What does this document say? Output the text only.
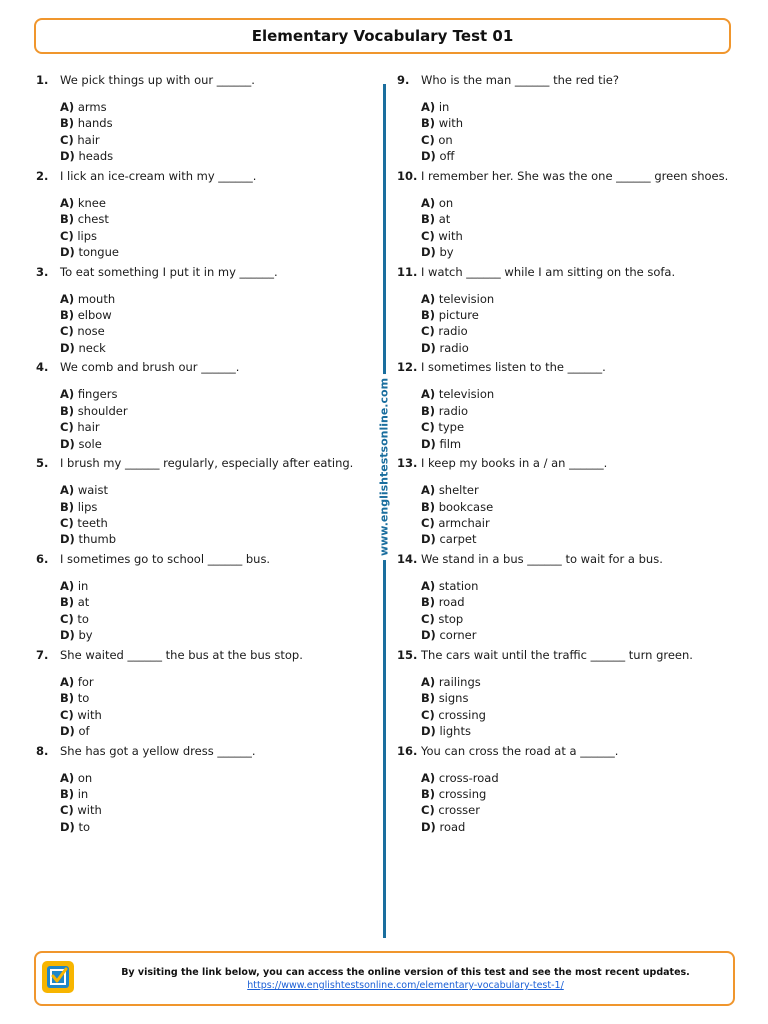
Elementary Vocabulary Test 01
1.	We pick things up with our ______.
A) arms
B) hands
C) hair
D) heads
2.	I lick an ice-cream with my ______.
A) knee
B) chest
C) lips
D) tongue
3.	To eat something I put it in my ______.
A) mouth
B) elbow
C) nose
D) neck
4.	We comb and brush our ______.
A) fingers
B) shoulder
C) hair
D) sole
5.	I brush my ______ regularly, especially after eating.
A) waist
B) lips
C) teeth
D) thumb
6.	I sometimes go to school ______ bus.
A) in
B) at
C) to
D) by
7.	She waited ______ the bus at the bus stop.
A) for
B) to
C) with
D) of
8.	She has got a yellow dress ______.
A) on
B) in
C) with
D) to
www.englishtestsonline.com
9.	Who is the man ______ the red tie?
A) in
B) with
C) on
D) off
10. I remember her. She was the one ______ green shoes.
A) on
B) at
C) with
D) by
11. I watch ______ while I am sitting on the sofa.
A) television
B) picture
C) radio
D) radio
12. I sometimes listen to the ______.
A) television
B) radio
C) type
D) film
13. I keep my books in a / an ______.
A) shelter
B) bookcase
C) armchair
D) carpet
14. We stand in a bus ______ to wait for a bus.
A) station
B) road
C) stop
D) corner
15. The cars wait until the traffic ______ turn green.
A) railings
B) signs
C) crossing
D) lights
16. You can cross the road at a ______.
A) cross-road
B) crossing
C) crosser
D) road
By visiting the link below, you can access the online version of this test and see the most recent updates.
https://www.englishtestsonline.com/elementary-vocabulary-test-1/
